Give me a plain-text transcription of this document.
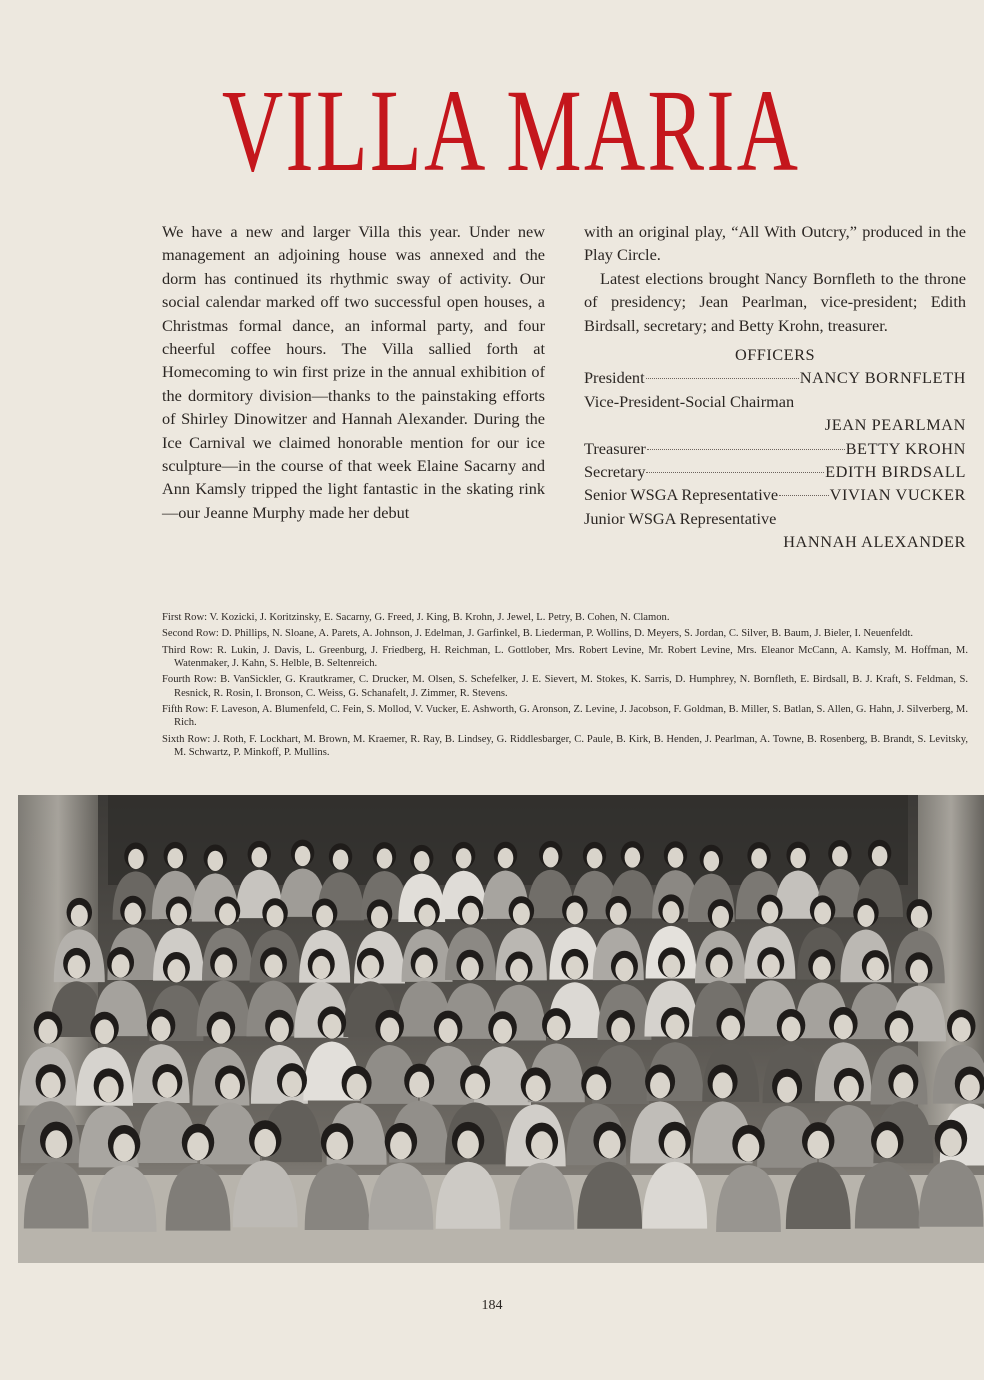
VILLA MARIA

We have a new and larger Villa this year. Under new management an adjoining house was annexed and the dorm has continued its rhythmic sway of activity. Our social calendar marked off two successful open houses, a Christmas formal dance, an informal party, and four cheerful coffee hours. The Villa sallied forth at Homecoming to win first prize in the annual exhibition of the dormitory division—thanks to the painstaking efforts of Shirley Dinowitzer and Hannah Alexander. During the Ice Carnival we claimed honorable mention for our ice sculpture—in the course of that week Elaine Sacarny and Ann Kamsly tripped the light fantastic in the skating rink—our Jeanne Murphy made her debut

with an original play, “All With Outcry,” produced in the Play Circle.

Latest elections brought Nancy Bornfleth to the throne of presidency; Jean Pearlman, vice-president; Edith Birdsall, secretary; and Betty Krohn, treasurer.

OFFICERS
President	NANCY BORNFLETH
Vice-President-Social Chairman
JEAN PEARLMAN
Treasurer	BETTY KROHN
Secretary	EDITH BIRDSALL
Senior WSGA Representative	VIVIAN VUCKER
Junior WSGA Representative
HANNAH ALEXANDER

First Row: V. Kozicki, J. Koritzinsky, E. Sacarny, G. Freed, J. King, B. Krohn, J. Jewel, L. Petry, B. Cohen, N. Clamon.

Second Row: D. Phillips, N. Sloane, A. Parets, A. Johnson, J. Edelman, J. Garfinkel, B. Liederman, P. Wollins, D. Meyers, S. Jordan, C. Silver, B. Baum, J. Bieler, I. Neuenfeldt.

Third Row: R. Lukin, J. Davis, L. Greenburg, J. Friedberg, H. Reichman, L. Gottlober, Mrs. Robert Levine, Mr. Robert Levine, Mrs. Eleanor McCann, A. Kamsly, M. Hoffman, M. Watenmaker, J. Kahn, S. Helble, B. Seltenreich.

Fourth Row: B. VanSickler, G. Krautkramer, C. Drucker, M. Olsen, S. Schefelker, J. E. Sievert, M. Stokes, K. Sarris, D. Humphrey, N. Bornfleth, E. Birdsall, B. J. Kraft, S. Feldman, S. Resnick, R. Rosin, I. Bronson, C. Weiss, G. Schanafelt, J. Zimmer, R. Stevens.

Fifth Row: F. Laveson, A. Blumenfeld, C. Fein, S. Mollod, V. Vucker, E. Ashworth, G. Aronson, Z. Levine, J. Jacobson, F. Goldman, B. Miller, S. Batlan, S. Allen, G. Hahn, J. Silverberg, M. Rich.

Sixth Row: J. Roth, F. Lockhart, M. Brown, M. Kraemer, R. Ray, B. Lindsey, G. Riddlesbarger, C. Paule, B. Kirk, B. Henden, J. Pearlman, A. Towne, B. Rosenberg, B. Brandt, S. Levitsky, M. Schwartz, P. Minkoff, P. Mullins.

184
